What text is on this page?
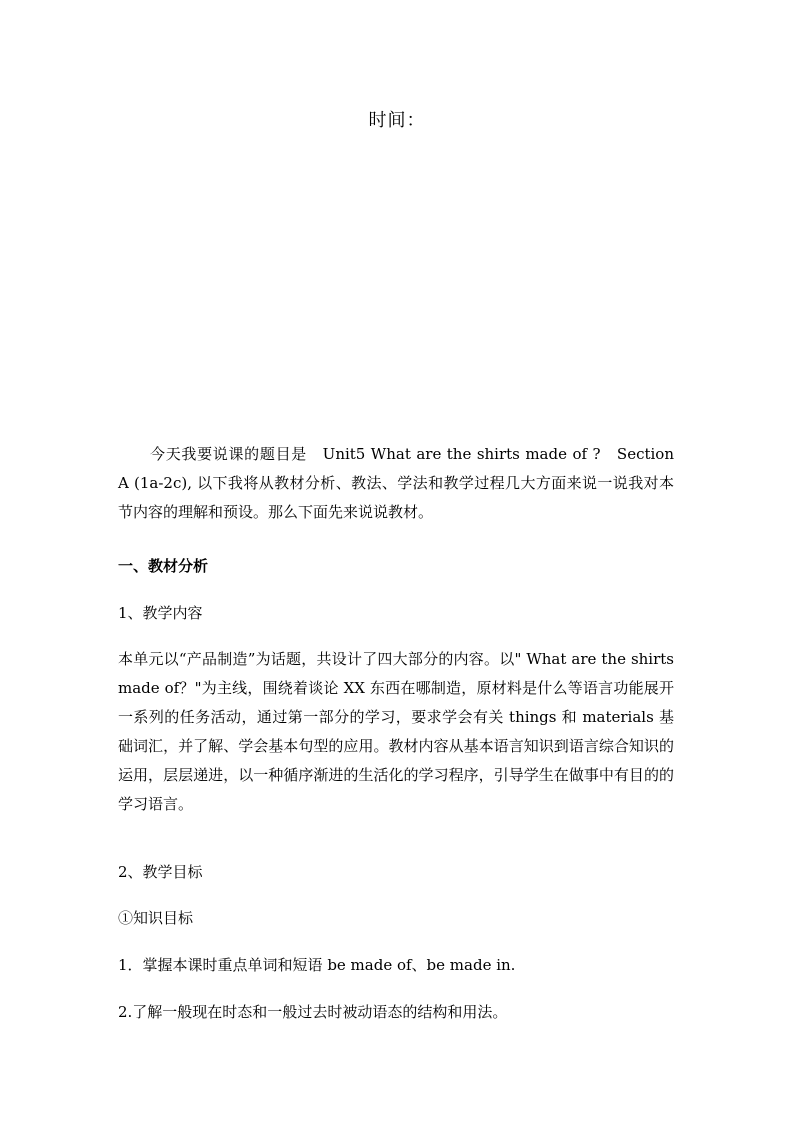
时间：
今天我要说课的题目是　Unit5 What are the shirts made of ?　Section A (1a-2c), 以下我将从教材分析、教法、学法和教学过程几大方面来说一说我对本节内容的理解和预设。那么下面先来说说教材。
一、教材分析
1、教学内容
本单元以“产品制造”为话题，共设计了四大部分的内容。以" What are the shirts made of？"为主线，围绕着谈论 XX 东西在哪制造，原材料是什么等语言功能展开一系列的任务活动，通过第一部分的学习，要求学会有关 things 和 materials 基础词汇，并了解、学会基本句型的应用。教材内容从基本语言知识到语言综合知识的运用，层层递进，以一种循序渐进的生活化的学习程序，引导学生在做事中有目的的学习语言。
2、教学目标
①知识目标
1．掌握本课时重点单词和短语 be made of、be made in.
2.了解一般现在时态和一般过去时被动语态的结构和用法。
